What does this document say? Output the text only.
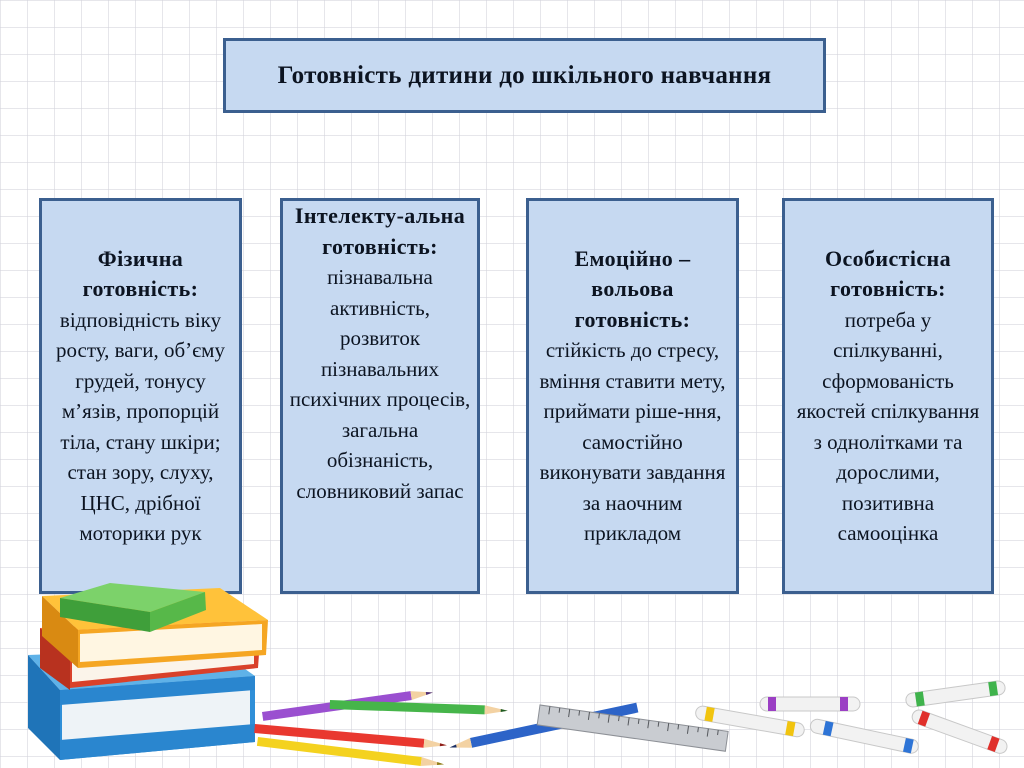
Готовність дитини до шкільного навчання
Фізична готовність:
відповідність віку росту, ваги, об’єму грудей, тонусу м’язів, пропорцій тіла, стану шкіри; стан зору, слуху, ЦНС, дрібної моторики рук
Інтелекту-альна готовність:
пізнавальна активність, розвиток пізнавальних психічних процесів, загальна обізнаність, словниковий запас
Емоційно – вольова готовність:
стійкість до стресу, вміння ставити мету, приймати ріше-ння, самостійно виконувати завдання за наочним прикладом
Особистісна готовність:
потреба у спілкуванні, сформованість якостей спілкування з однолітками та дорослими, позитивна самооцінка
